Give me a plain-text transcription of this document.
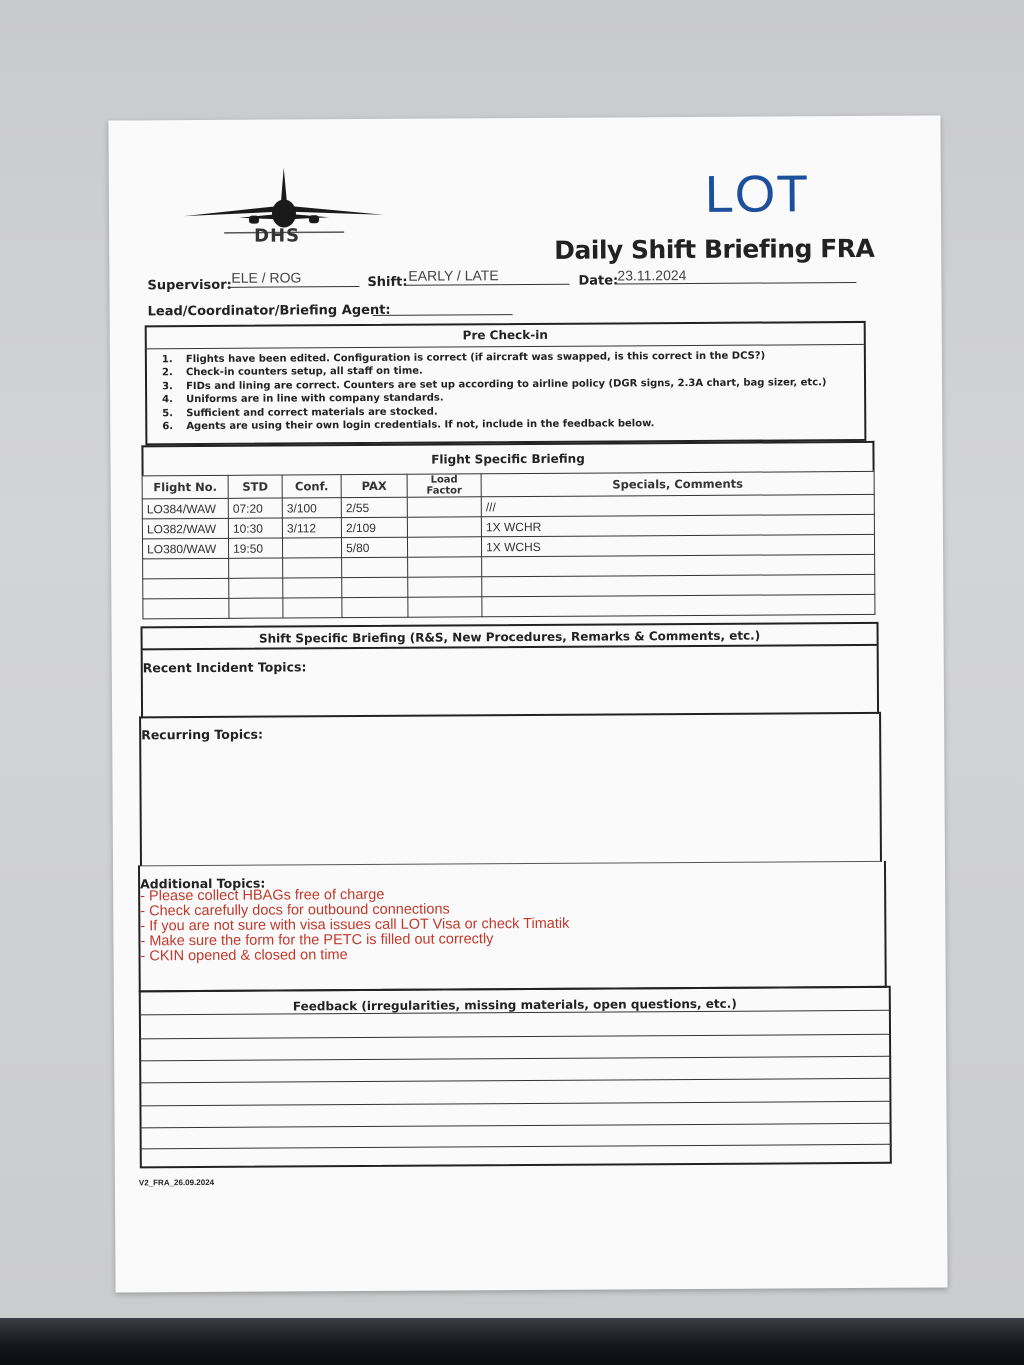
DHS
LOT
Daily Shift Briefing FRA
Supervisor: ELE / ROG	Shift: EARLY / LATE	Date: 23.11.2024
Lead/Coordinator/Briefing Agent:
Pre Check-in
1. Flights have been edited. Configuration is correct (if aircraft was swapped, is this correct in the DCS?)
2. Check-in counters setup, all staff on time.
3. FIDs and lining are correct. Counters are set up according to airline policy (DGR signs, 2.3A chart, bag sizer, etc.)
4. Uniforms are in line with company standards.
5. Sufficient and correct materials are stocked.
6. Agents are using their own login credentials. If not, include in the feedback below.
Flight Specific Briefing
Flight No.	STD	Conf.	PAX	Load Factor	Specials, Comments
LO384/WAW	07:20	3/100	2/55		///
LO382/WAW	10:30	3/112	2/109		1X WCHR
LO380/WAW	19:50		5/80		1X WCHS

Shift Specific Briefing (R&S, New Procedures, Remarks & Comments, etc.)
Recent Incident Topics:
Recurring Topics:
Additional Topics:
- Please collect HBAGs free of charge
- Check carefully docs for outbound connections
- If you are not sure with visa issues call LOT Visa or check Timatik
- Make sure the form for the PETC is filled out correctly
- CKIN opened & closed on time
Feedback (irregularities, missing materials, open questions, etc.)
V2_FRA_26.09.2024
